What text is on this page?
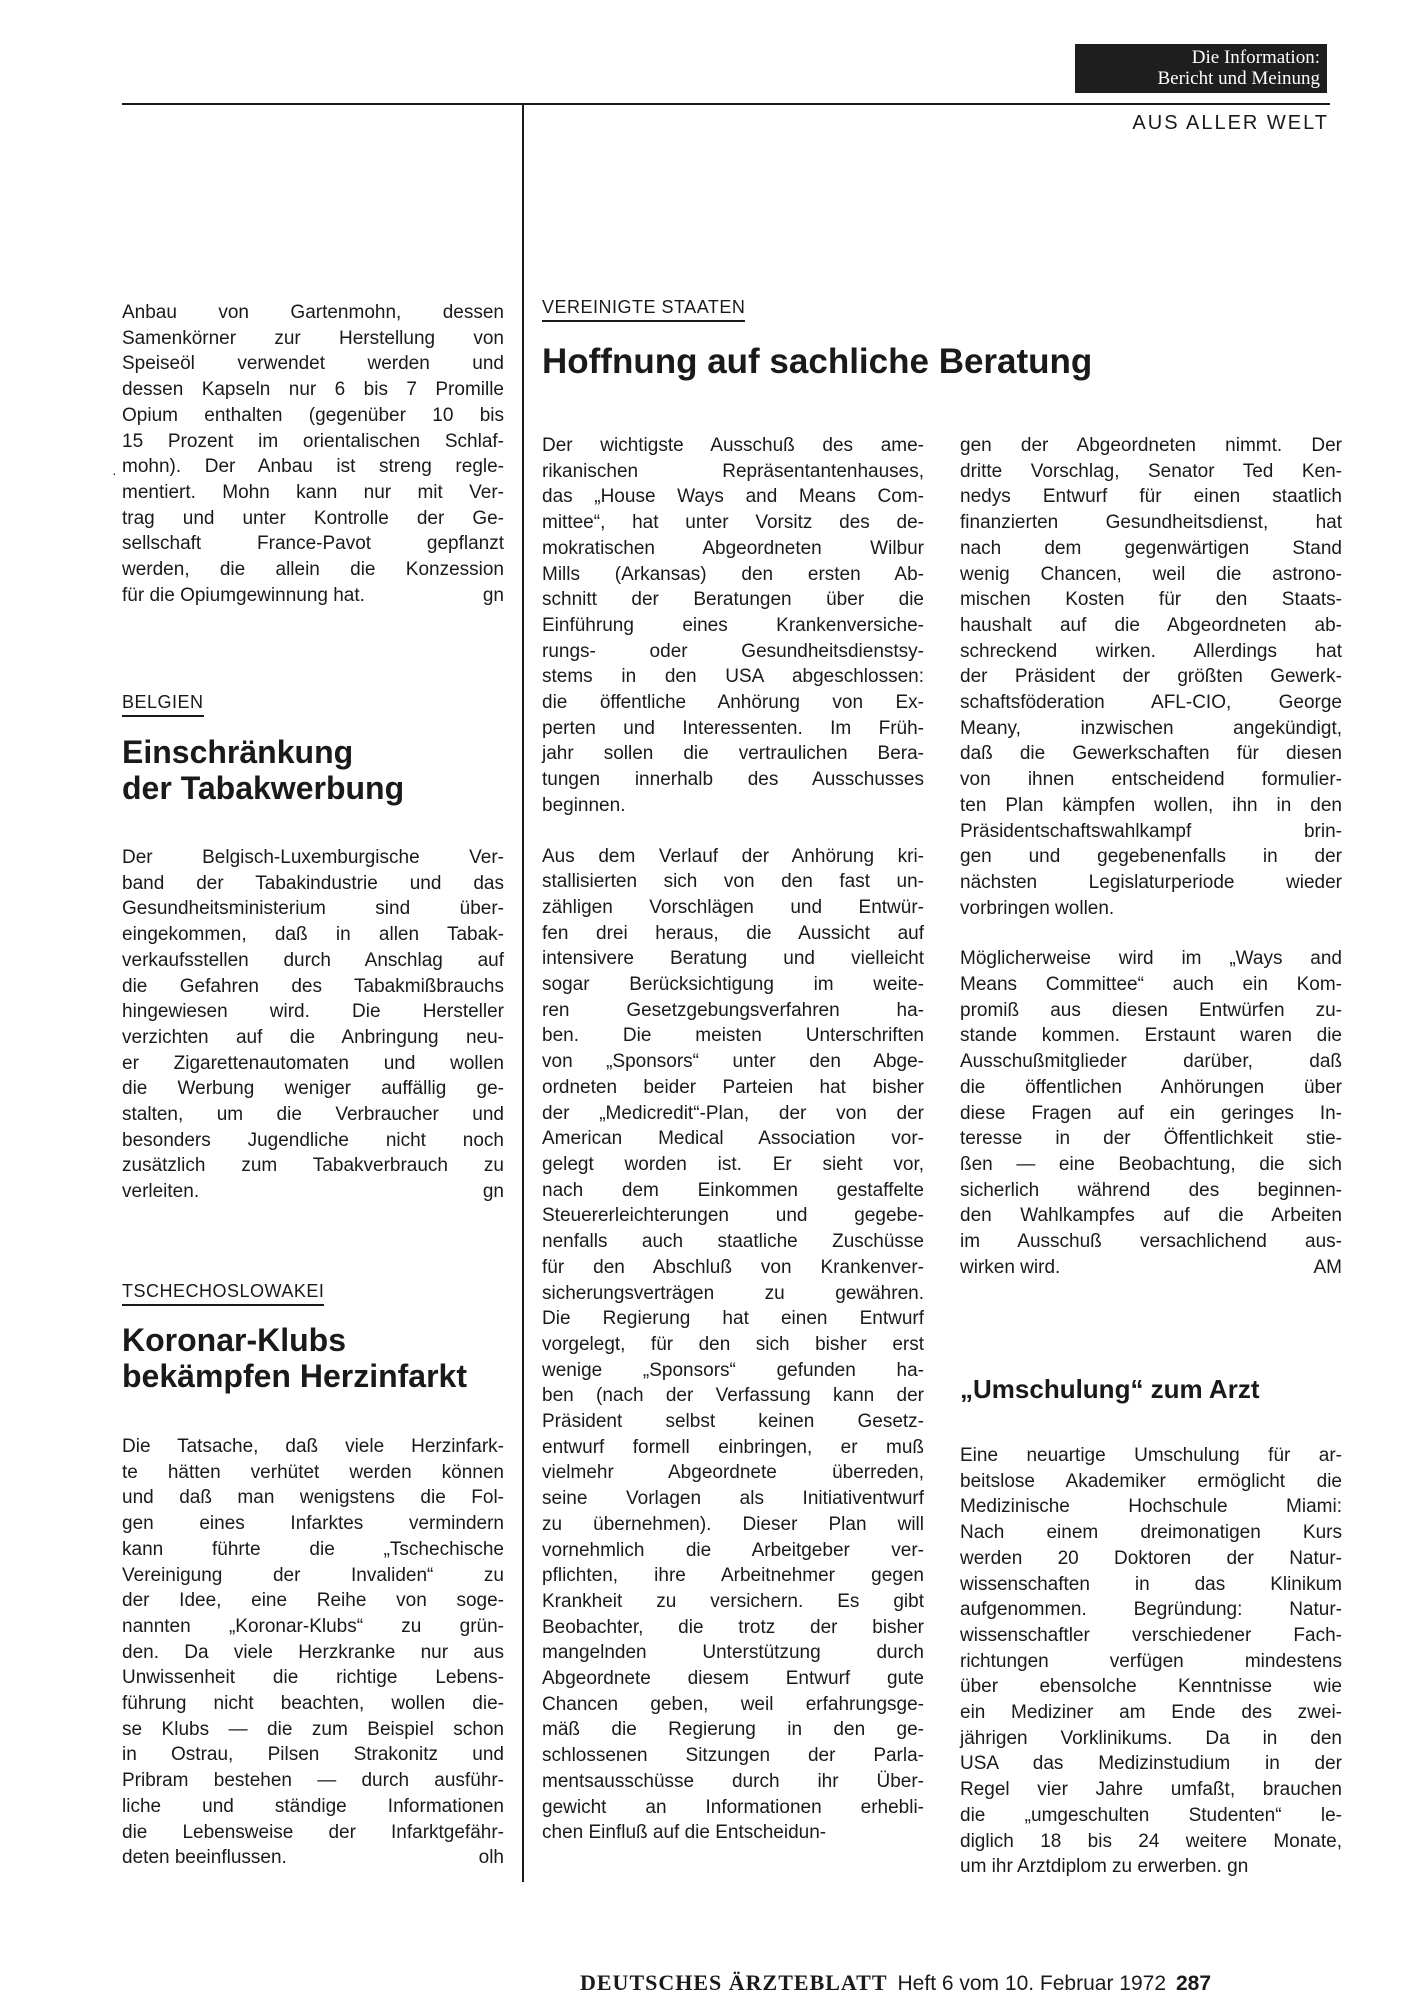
Die Information:
Bericht und Meinung
AUS ALLER WELT
Anbau von Gartenmohn, dessen
Samenkörner zur Herstellung von
Speiseöl verwendet werden und
dessen Kapseln nur 6 bis 7 Promille
Opium enthalten (gegenüber 10 bis
15 Prozent im orientalischen Schlaf-
mohn). Der Anbau ist streng regle-
mentiert. Mohn kann nur mit Ver-
trag und unter Kontrolle der Ge-
sellschaft France-Pavot gepflanzt
werden, die allein die Konzession
für die Opiumgewinnung hat.	gn
·
BELGIEN
Einschränkung
der Tabakwerbung
Der Belgisch-Luxemburgische Ver-
band der Tabakindustrie und das
Gesundheitsministerium sind über-
eingekommen, daß in allen Tabak-
verkaufsstellen durch Anschlag auf
die Gefahren des Tabakmißbrauchs
hingewiesen wird. Die Hersteller
verzichten auf die Anbringung neu-
er Zigarettenautomaten und wollen
die Werbung weniger auffällig ge-
stalten, um die Verbraucher und
besonders Jugendliche nicht noch
zusätzlich zum Tabakverbrauch zu
verleiten.	gn
TSCHECHOSLOWAKEI
Koronar-Klubs
bekämpfen Herzinfarkt
Die Tatsache, daß viele Herzinfark-
te hätten verhütet werden können
und daß man wenigstens die Fol-
gen eines Infarktes vermindern
kann führte die „Tschechische
Vereinigung der Invaliden“ zu
der Idee, eine Reihe von soge-
nannten „Koronar-Klubs“ zu grün-
den. Da viele Herzkranke nur aus
Unwissenheit die richtige Lebens-
führung nicht beachten, wollen die-
se Klubs — die zum Beispiel schon
in Ostrau, Pilsen Strakonitz und
Pribram bestehen — durch ausführ-
liche und ständige Informationen
die Lebensweise der Infarktgefähr-
deten beeinflussen.	olh
VEREINIGTE STAATEN
Hoffnung auf sachliche Beratung
Der wichtigste Ausschuß des ame-
rikanischen Repräsentantenhauses,
das „House Ways and Means Com-
mittee“, hat unter Vorsitz des de-
mokratischen Abgeordneten Wilbur
Mills (Arkansas) den ersten Ab-
schnitt der Beratungen über die
Einführung eines Krankenversiche-
rungs- oder Gesundheitsdienstsy-
stems in den USA abgeschlossen:
die öffentliche Anhörung von Ex-
perten und Interessenten. Im Früh-
jahr sollen die vertraulichen Bera-
tungen innerhalb des Ausschusses
beginnen.
Aus dem Verlauf der Anhörung kri-
stallisierten sich von den fast un-
zähligen Vorschlägen und Entwür-
fen drei heraus, die Aussicht auf
intensivere Beratung und vielleicht
sogar Berücksichtigung im weite-
ren Gesetzgebungsverfahren ha-
ben. Die meisten Unterschriften
von „Sponsors“ unter den Abge-
ordneten beider Parteien hat bisher
der „Medicredit“-Plan, der von der
American Medical Association vor-
gelegt worden ist. Er sieht vor,
nach dem Einkommen gestaffelte
Steuererleichterungen und gegebe-
nenfalls auch staatliche Zuschüsse
für den Abschluß von Krankenver-
sicherungsverträgen zu gewähren.
Die Regierung hat einen Entwurf
vorgelegt, für den sich bisher erst
wenige „Sponsors“ gefunden ha-
ben (nach der Verfassung kann der
Präsident selbst keinen Gesetz-
entwurf formell einbringen, er muß
vielmehr Abgeordnete überreden,
seine Vorlagen als Initiativentwurf
zu übernehmen). Dieser Plan will
vornehmlich die Arbeitgeber ver-
pflichten, ihre Arbeitnehmer gegen
Krankheit zu versichern. Es gibt
Beobachter, die trotz der bisher
mangelnden Unterstützung durch
Abgeordnete diesem Entwurf gute
Chancen geben, weil erfahrungsge-
mäß die Regierung in den ge-
schlossenen Sitzungen der Parla-
mentsausschüsse durch ihr Über-
gewicht an Informationen erhebli-
chen Einfluß auf die Entscheidun-
gen der Abgeordneten nimmt. Der
dritte Vorschlag, Senator Ted Ken-
nedys Entwurf für einen staatlich
finanzierten Gesundheitsdienst, hat
nach dem gegenwärtigen Stand
wenig Chancen, weil die astrono-
mischen Kosten für den Staats-
haushalt auf die Abgeordneten ab-
schreckend wirken. Allerdings hat
der Präsident der größten Gewerk-
schaftsföderation AFL-CIO, George
Meany, inzwischen angekündigt,
daß die Gewerkschaften für diesen
von ihnen entscheidend formulier-
ten Plan kämpfen wollen, ihn in den
Präsidentschaftswahlkampf brin-
gen und gegebenenfalls in der
nächsten Legislaturperiode wieder
vorbringen wollen.
Möglicherweise wird im „Ways and
Means Committee“ auch ein Kom-
promiß aus diesen Entwürfen zu-
stande kommen. Erstaunt waren die
Ausschußmitglieder darüber, daß
die öffentlichen Anhörungen über
diese Fragen auf ein geringes In-
teresse in der Öffentlichkeit stie-
ßen — eine Beobachtung, die sich
sicherlich während des beginnen-
den Wahlkampfes auf die Arbeiten
im Ausschuß versachlichend aus-
wirken wird.	AM
„Umschulung“ zum Arzt
Eine neuartige Umschulung für ar-
beitslose Akademiker ermöglicht die
Medizinische Hochschule Miami:
Nach einem dreimonatigen Kurs
werden 20 Doktoren der Natur-
wissenschaften in das Klinikum
aufgenommen. Begründung: Natur-
wissenschaftler verschiedener Fach-
richtungen verfügen mindestens
über ebensolche Kenntnisse wie
ein Mediziner am Ende des zwei-
jährigen Vorklinikums. Da in den
USA das Medizinstudium in der
Regel vier Jahre umfaßt, brauchen
die „umgeschulten Studenten“ le-
diglich 18 bis 24 weitere Monate,
um ihr Arztdiplom zu erwerben. gn
DEUTSCHES ÄRZTEBLATT Heft 6 vom 10. Februar 1972 287
